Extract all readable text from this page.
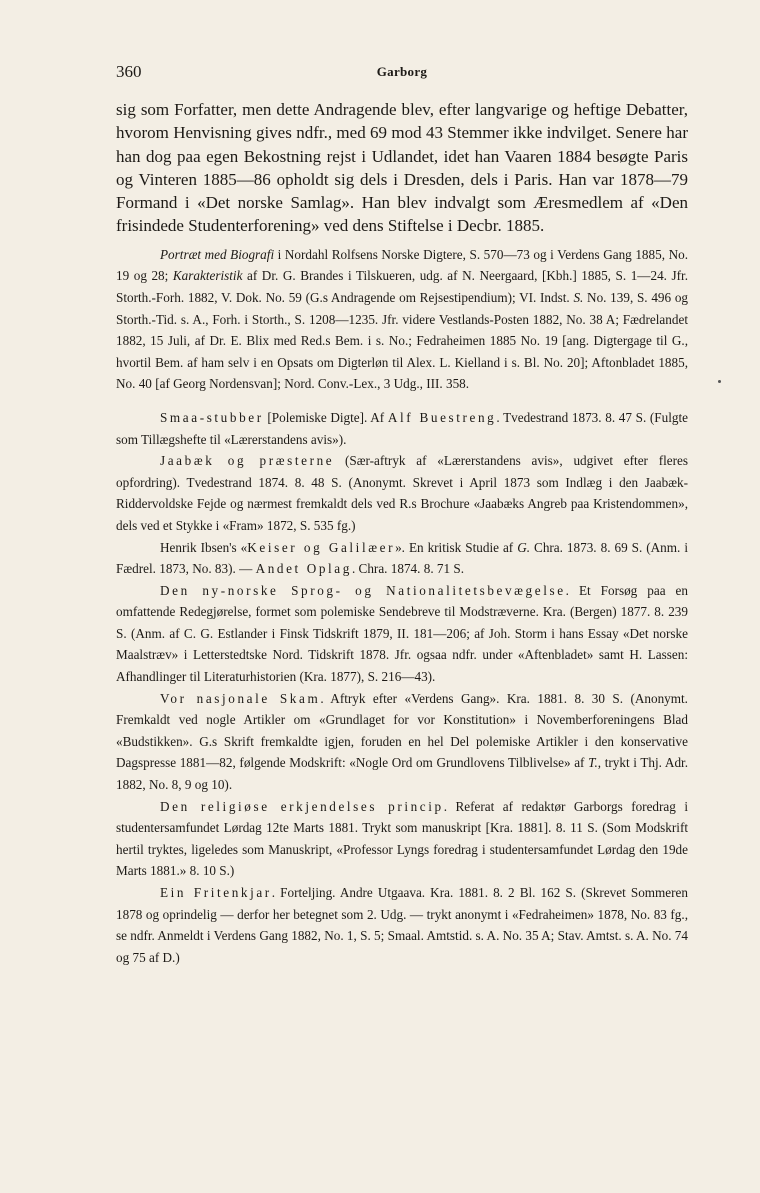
360	Garborg

sig som Forfatter, men dette Andragende blev, efter langvarige og heftige Debatter, hvorom Henvisning gives ndfr., med 69 mod 43 Stemmer ikke indvilget. Senere har han dog paa egen Bekostning rejst i Udlandet, idet han Vaaren 1884 besøgte Paris og Vinteren 1885—86 opholdt sig dels i Dresden, dels i Paris. Han var 1878—79 Formand i «Det norske Samlag». Han blev indvalgt som Æresmedlem af «Den frisindede Studenterforening» ved dens Stiftelse i Decbr. 1885.

Portræt med Biografi i Nordahl Rolfsens Norske Digtere, S. 570—73 og i Verdens Gang 1885, No. 19 og 28; Karakteristik af Dr. G. Brandes i Tilskueren, udg. af N. Neergaard, [Kbh.] 1885, S. 1—24. Jfr. Storth.-Forh. 1882, V. Dok. No. 59 (G.s Andragende om Rejsestipendium); VI. Indst. S. No. 139, S. 496 og Storth.-Tid. s. A., Forh. i Storth., S. 1208—1235. Jfr. videre Vestlands-Posten 1882, No. 38 A; Fædrelandet 1882, 15 Juli, af Dr. E. Blix med Red.s Bem. i s. No.; Fedraheimen 1885 No. 19 [ang. Digtergage til G., hvortil Bem. af ham selv i en Opsats om Digterløn til Alex. L. Kielland i s. Bl. No. 20]; Aftonbladet 1885, No. 40 [af Georg Nordensvan]; Nord. Conv.-Lex., 3 Udg., III. 358.

Smaa-stubber [Polemiske Digte]. Af Alf Buestreng. Tvedestrand 1873. 8. 47 S. (Fulgte som Tillægshefte til «Lærerstandens avis»).

Jaabæk og præsterne (Sær-aftryk af «Lærerstandens avis», udgivet efter fleres opfordring). Tvedestrand 1874. 8. 48 S. (Anonymt. Skrevet i April 1873 som Indlæg i den Jaabæk-Riddervoldske Fejde og nærmest fremkaldt dels ved R.s Brochure «Jaabæks Angreb paa Kristendommen», dels ved et Stykke i «Fram» 1872, S. 535 fg.)

Henrik Ibsen's «Keiser og Galilæer». En kritisk Studie af G. Chra. 1873. 8. 69 S. (Anm. i Fædrel. 1873, No. 83). — Andet Oplag. Chra. 1874. 8. 71 S.

Den ny-norske Sprog- og Nationalitetsbevægelse. Et Forsøg paa en omfattende Redegjørelse, formet som polemiske Sendebreve til Modstræverne. Kra. (Bergen) 1877. 8. 239 S. (Anm. af C. G. Estlander i Finsk Tidskrift 1879, II. 181—206; af Joh. Storm i hans Essay «Det norske Maalstræv» i Letterstedtske Nord. Tidskrift 1878. Jfr. ogsaa ndfr. under «Aftenbladet» samt H. Lassen: Afhandlinger til Literaturhistorien (Kra. 1877), S. 216—43).

Vor nasjonale Skam. Aftryk efter «Verdens Gang». Kra. 1881. 8. 30 S. (Anonymt. Fremkaldt ved nogle Artikler om «Grundlaget for vor Konstitution» i Novemberforeningens Blad «Budstikken». G.s Skrift fremkaldte igjen, foruden en hel Del polemiske Artikler i den konservative Dagspresse 1881—82, følgende Modskrift: «Nogle Ord om Grundlovens Tilblivelse» af T., trykt i Thj. Adr. 1882, No. 8, 9 og 10).

Den religiøse erkjendelses princip. Referat af redaktør Garborgs foredrag i studentersamfundet Lørdag 12te Marts 1881. Trykt som manuskript [Kra. 1881]. 8. 11 S. (Som Modskrift hertil tryktes, ligeledes som Manuskript, «Professor Lyngs foredrag i studentersamfundet Lørdag den 19de Marts 1881.» 8. 10 S.)

Ein Fritenkjar. Forteljing. Andre Utgaava. Kra. 1881. 8. 2 Bl. 162 S. (Skrevet Sommeren 1878 og oprindelig — derfor her betegnet som 2. Udg. — trykt anonymt i «Fedraheimen» 1878, No. 83 fg., se ndfr. Anmeldt i Verdens Gang 1882, No. 1, S. 5; Smaal. Amtstid. s. A. No. 35 A; Stav. Amtst. s. A. No. 74 og 75 af D.)
